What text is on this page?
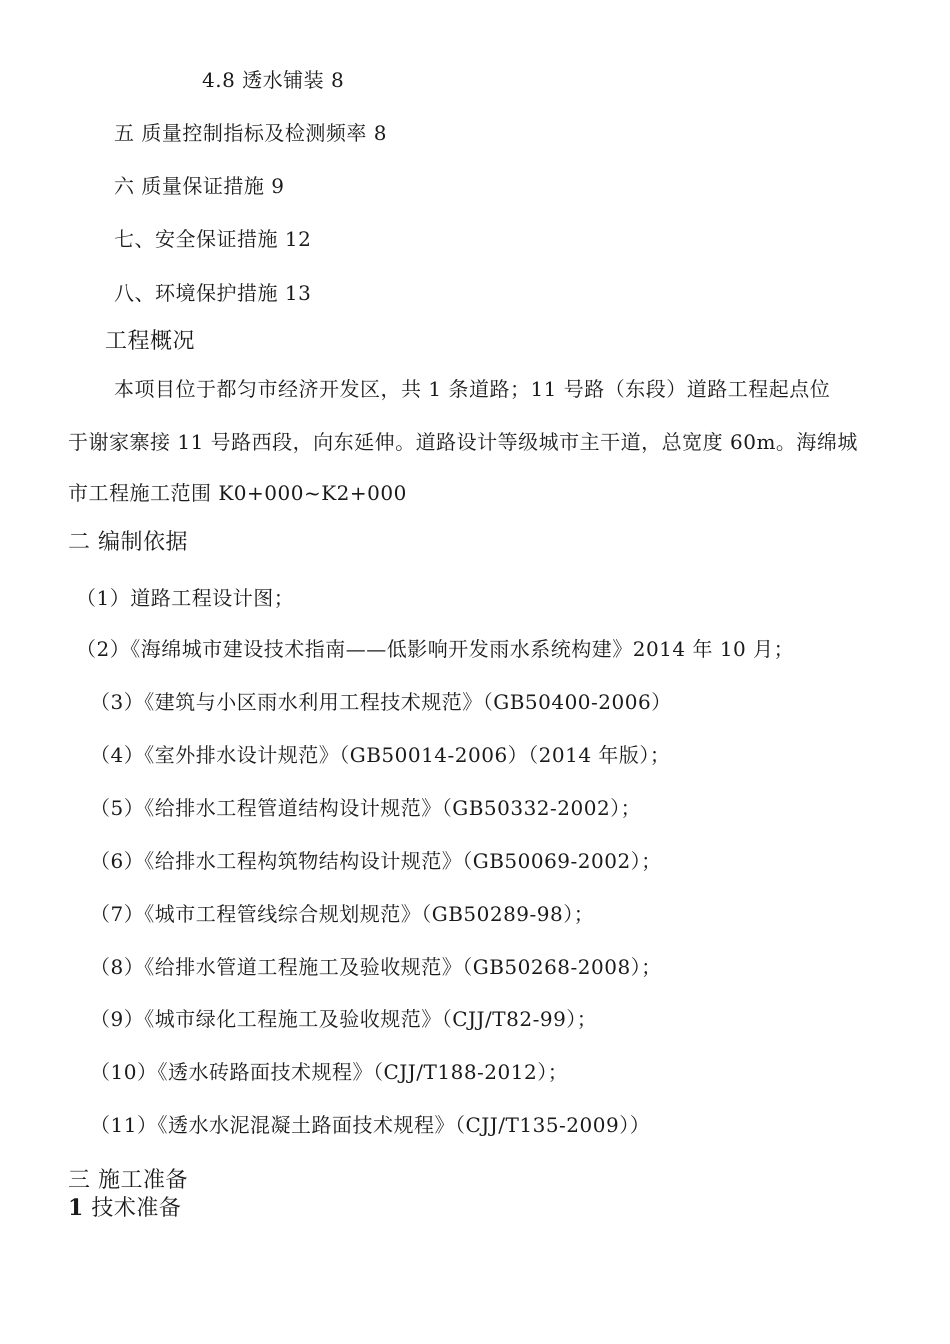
4.8 透水铺装 8
五 质量控制指标及检测频率 8
六 质量保证措施 9
七、安全保证措施 12
八、环境保护措施 13
工程概况
本项目位于都匀市经济开发区，共 1 条道路；11 号路（东段）道路工程起点位
于谢家寨接 11 号路西段，向东延伸。道路设计等级城市主干道，总宽度 60m。海绵城
市工程施工范围 K0+000~K2+000
二 编制依据
（1）道路工程设计图；
（2）《海绵城市建设技术指南——低影响开发雨水系统构建》2014 年 10 月；
（3）《建筑与小区雨水利用工程技术规范》（GB50400-2006）
（4）《室外排水设计规范》（GB50014-2006）（2014 年版）；
（5）《给排水工程管道结构设计规范》（GB50332-2002）；
（6）《给排水工程构筑物结构设计规范》（GB50069-2002）；
（7）《城市工程管线综合规划规范》（GB50289-98）；
（8）《给排水管道工程施工及验收规范》（GB50268-2008）；
（9）《城市绿化工程施工及验收规范》（CJJ/T82-99）；
（10）《透水砖路面技术规程》（CJJ/T188-2012）；
（11）《透水水泥混凝土路面技术规程》（CJJ/T135-2009））
三 施工准备
1 技术准备
